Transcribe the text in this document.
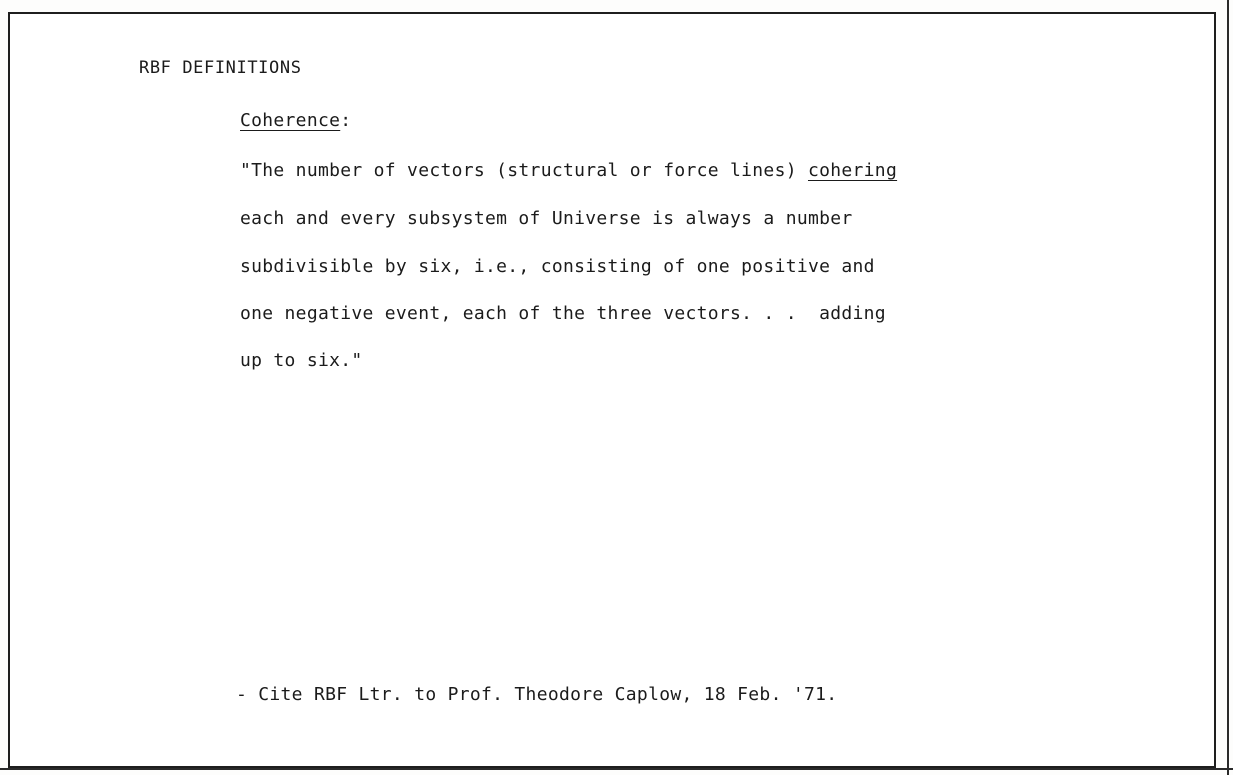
RBF DEFINITIONS

Coherence:

"The number of vectors (structural or force lines) cohering

each and every subsystem of Universe is always a number

subdivisible by six, i.e., consisting of one positive and

one negative event, each of the three vectors. . .  adding

up to six."

- Cite RBF Ltr. to Prof. Theodore Caplow, 18 Feb. '71.
